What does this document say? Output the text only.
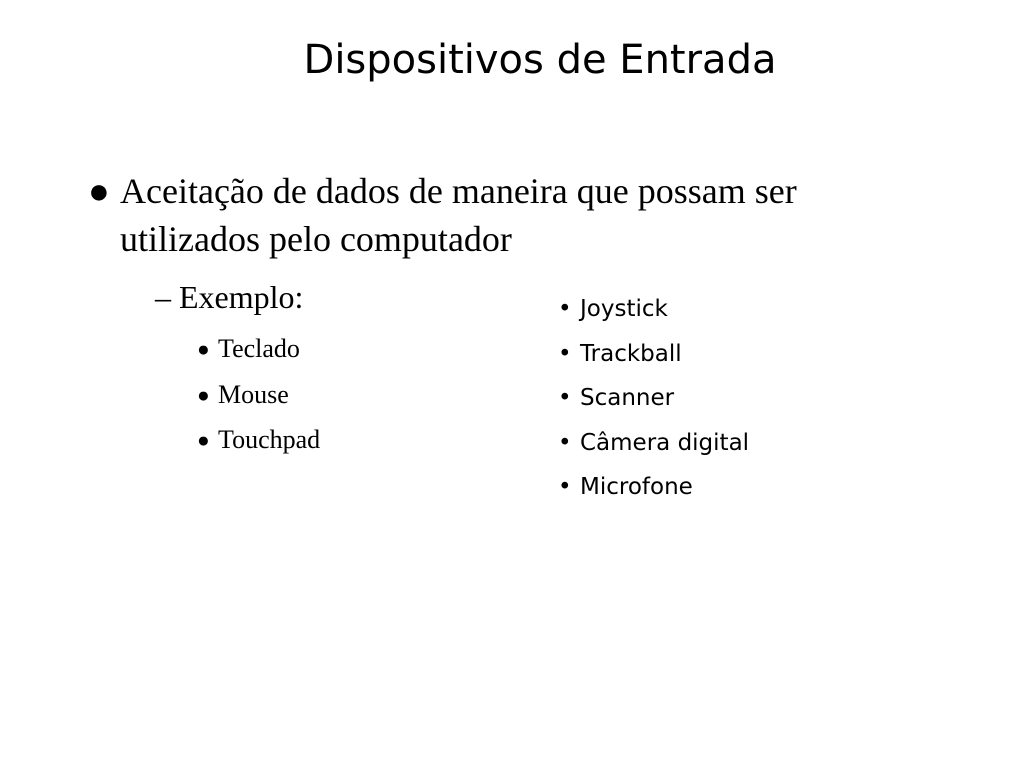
Dispositivos de Entrada
● Aceitação de dados de maneira que possam ser utilizados pelo computador
– Exemplo:
● Teclado
● Mouse
● Touchpad
• Joystick
• Trackball
• Scanner
• Câmera digital
• Microfone
